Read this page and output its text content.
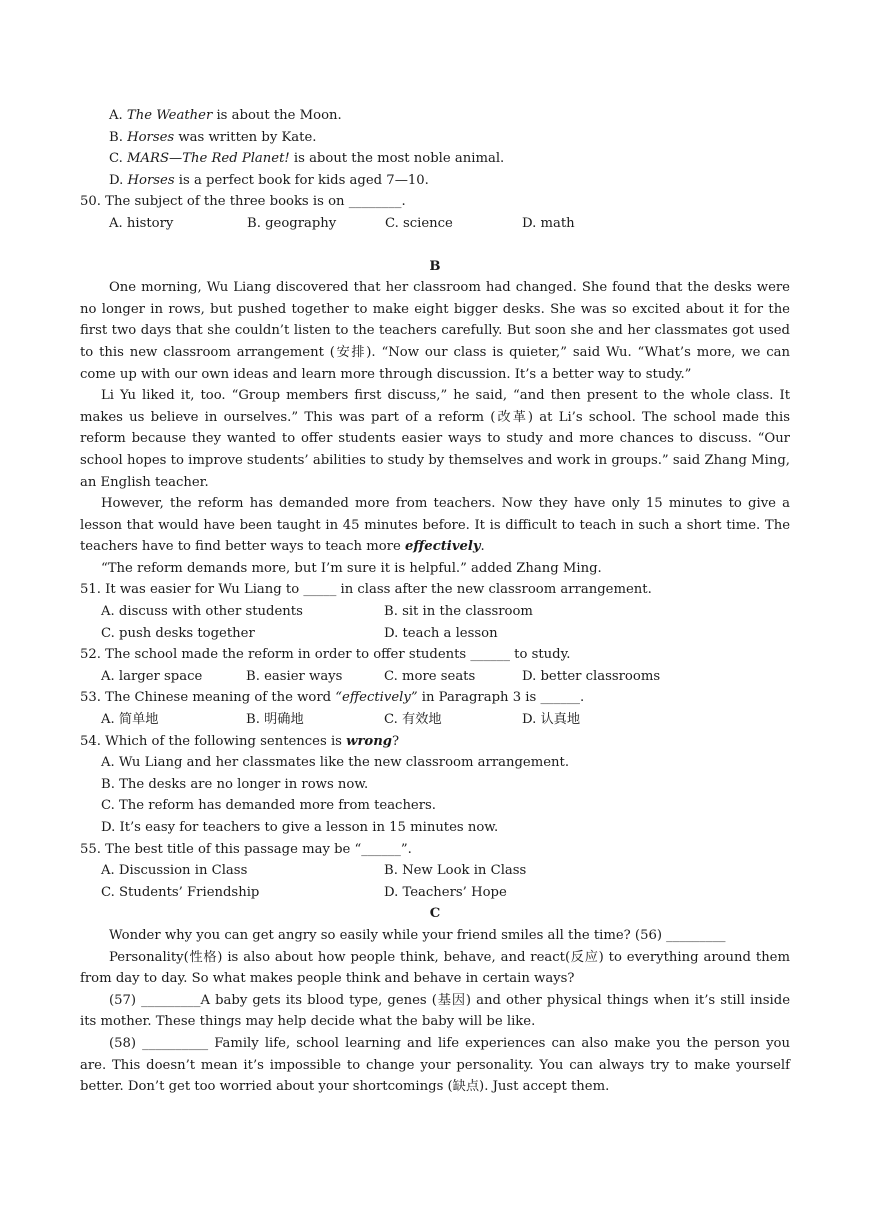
A. The Weather is about the Moon.
B. Horses was written by Kate.
C. MARS—The Red Planet! is about the most noble animal.
D. Horses is a perfect book for kids aged 7—10.
50. The subject of the three books is on ________.
A. history	B. geography	C. science	D. math
B
One morning, Wu Liang discovered that her classroom had changed. She found that the desks were no longer in rows, but pushed together to make eight bigger desks. She was so excited about it for the first two days that she couldn’t listen to the teachers carefully. But soon she and her classmates got used to this new classroom arrangement (安排). “Now our class is quieter,” said Wu. “What’s more, we can come up with our own ideas and learn more through discussion. It’s a better way to study.”
Li Yu liked it, too. “Group members first discuss,” he said, “and then present to the whole class. It makes us believe in ourselves.” This was part of a reform (改革) at Li’s school. The school made this reform because they wanted to offer students easier ways to study and more chances to discuss. “Our school hopes to improve students’ abilities to study by themselves and work in groups.” said Zhang Ming, an English teacher.
However, the reform has demanded more from teachers. Now they have only 15 minutes to give a lesson that would have been taught in 45 minutes before. It is difficult to teach in such a short time. The teachers have to find better ways to teach more effectively.
“The reform demands more, but I’m sure it is helpful.” added Zhang Ming.
51. It was easier for Wu Liang to _____ in class after the new classroom arrangement.
A. discuss with other students	B. sit in the classroom
C. push desks together	D. teach a lesson
52. The school made the reform in order to offer students ______ to study.
A. larger space	B. easier ways	C. more seats	D. better classrooms
53. The Chinese meaning of the word “effectively” in Paragraph 3 is ______.
A. 简单地	B. 明确地	C. 有效地	D. 认真地
54. Which of the following sentences is wrong?
A. Wu Liang and her classmates like the new classroom arrangement.
B. The desks are no longer in rows now.
C. The reform has demanded more from teachers.
D. It’s easy for teachers to give a lesson in 15 minutes now.
55. The best title of this passage may be “______”.
A. Discussion in Class	B. New Look in Class
C. Students’ Friendship	D. Teachers’ Hope
C
Wonder why you can get angry so easily while your friend smiles all the time? (56) _________
Personality(性格) is also about how people think, behave, and react(反应) to everything around them from day to day. So what makes people think and behave in certain ways?
(57) _________A baby gets its blood type, genes (基因) and other physical things when it’s still inside its mother. These things may help decide what the baby will be like.
(58) __________ Family life, school learning and life experiences can also make you the person you are. This doesn’t mean it’s impossible to change your personality. You can always try to make yourself better. Don’t get too worried about your shortcomings (缺点). Just accept them.
